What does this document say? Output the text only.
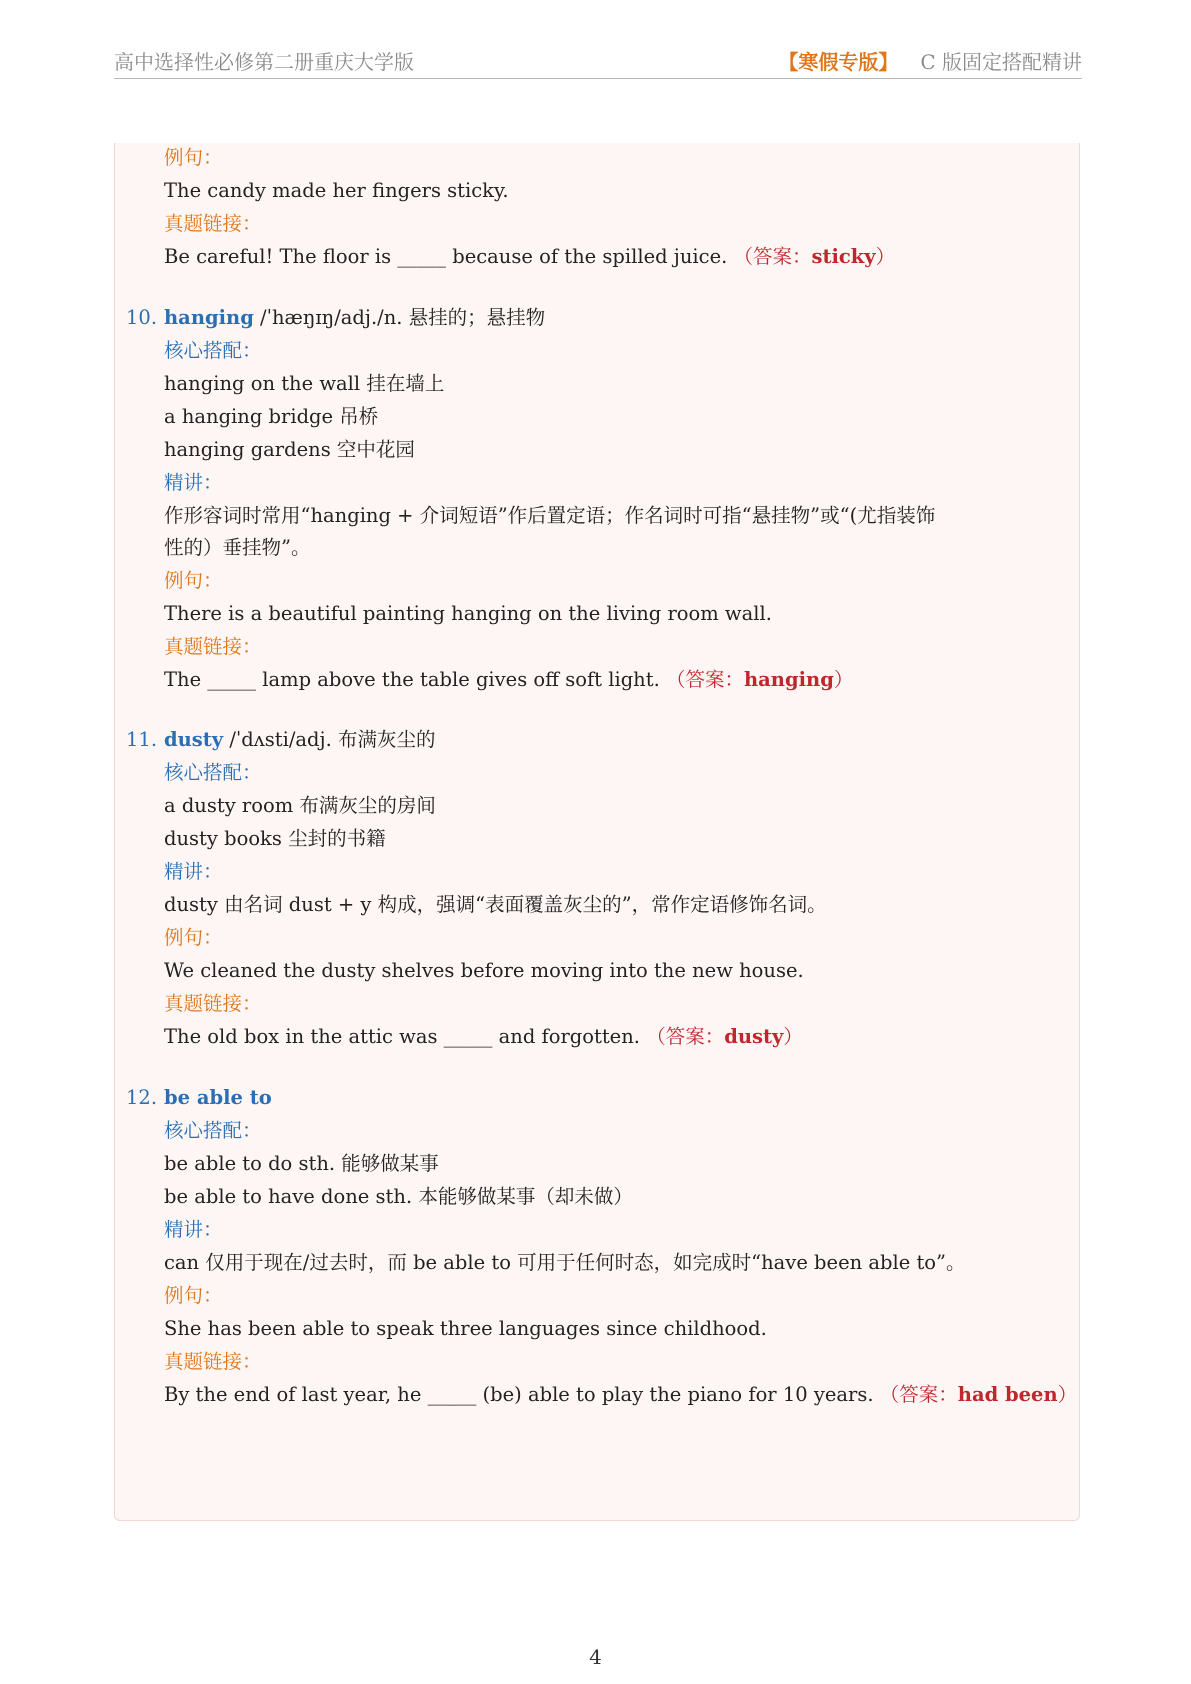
高中选择性必修第二册重庆大学版	【寒假专版】 C 版固定搭配精讲
例句：
The candy made her fingers sticky.
真题链接：
Be careful! The floor is _____ because of the spilled juice. （答案：sticky）
10. hanging /ˈhæŋɪŋ/adj./n. 悬挂的；悬挂物
核心搭配：
hanging on the wall 挂在墙上
a hanging bridge 吊桥
hanging gardens 空中花园
精讲：
作形容词时常用“hanging + 介词短语”作后置定语；作名词时可指“悬挂物”或“(尤指装饰
性的）垂挂物”。
例句：
There is a beautiful painting hanging on the living room wall.
真题链接：
The _____ lamp above the table gives off soft light. （答案：hanging）
11. dusty /ˈdʌsti/adj. 布满灰尘的
核心搭配：
a dusty room 布满灰尘的房间
dusty books 尘封的书籍
精讲：
dusty 由名词 dust + y 构成，强调“表面覆盖灰尘的”，常作定语修饰名词。
例句：
We cleaned the dusty shelves before moving into the new house.
真题链接：
The old box in the attic was _____ and forgotten. （答案：dusty）
12. be able to
核心搭配：
be able to do sth. 能够做某事
be able to have done sth. 本能够做某事（却未做）
精讲：
can 仅用于现在/过去时，而 be able to 可用于任何时态，如完成时“have been able to”。
例句：
She has been able to speak three languages since childhood.
真题链接：
By the end of last year, he _____ (be) able to play the piano for 10 years. （答案：had been）
4
